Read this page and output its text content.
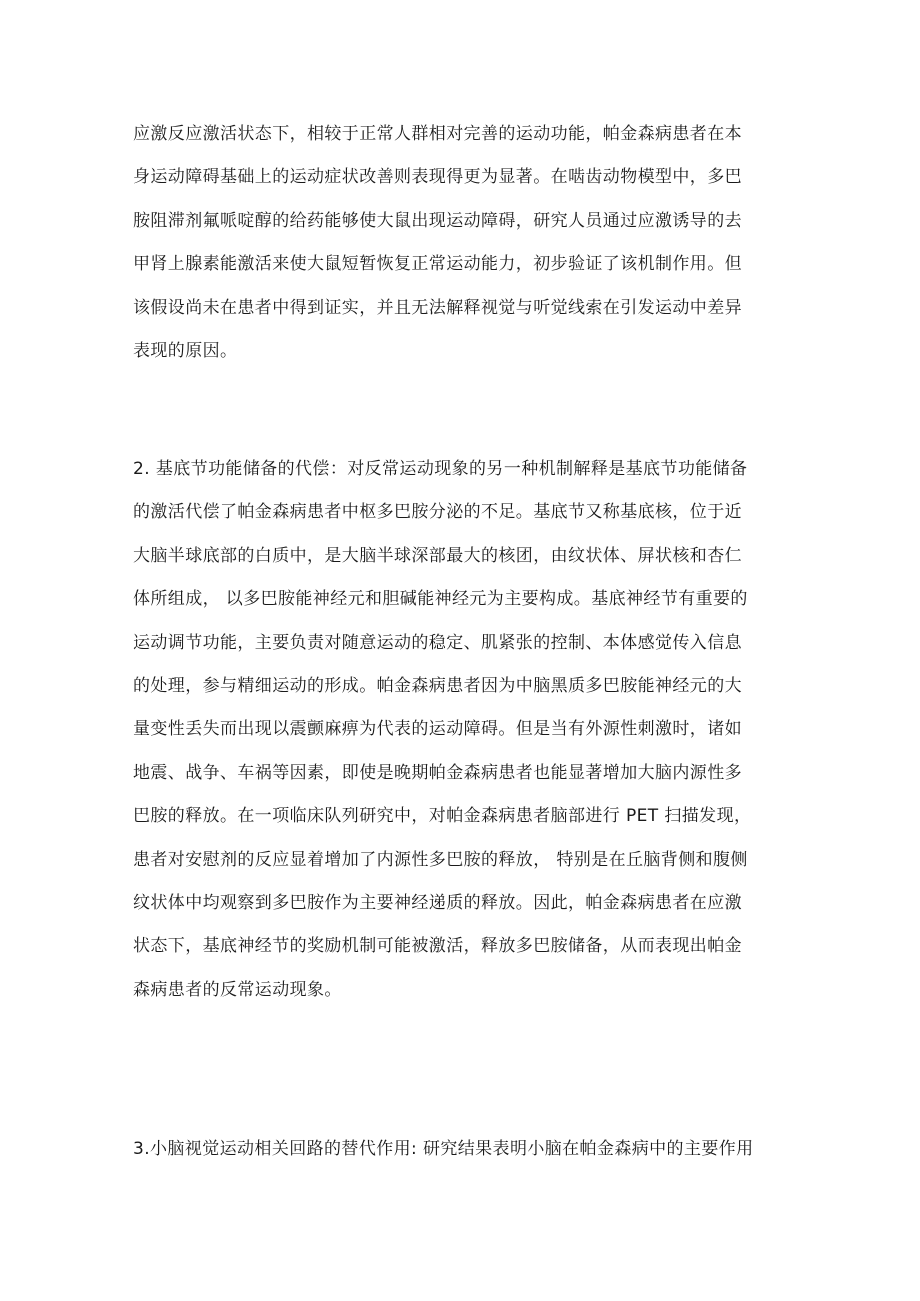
应激反应激活状态下，相较于正常人群相对完善的运动功能，帕金森病患者在本
身运动障碍基础上的运动症状改善则表现得更为显著。在啮齿动物模型中，多巴
胺阻滞剂氟哌啶醇的给药能够使大鼠出现运动障碍，研究人员通过应激诱导的去
甲肾上腺素能激活来使大鼠短暂恢复正常运动能力，初步验证了该机制作用。但
该假设尚未在患者中得到证实，并且无法解释视觉与听觉线索在引发运动中差异
表现的原因。

2. 基底节功能储备的代偿：对反常运动现象的另一种机制解释是基底节功能储备
的激活代偿了帕金森病患者中枢多巴胺分泌的不足。基底节又称基底核，位于近
大脑半球底部的白质中，是大脑半球深部最大的核团，由纹状体、屏状核和杏仁
体所组成， 以多巴胺能神经元和胆碱能神经元为主要构成。基底神经节有重要的
运动调节功能，主要负责对随意运动的稳定、肌紧张的控制、本体感觉传入信息
的处理，参与精细运动的形成。帕金森病患者因为中脑黑质多巴胺能神经元的大
量变性丢失而出现以震颤麻痹为代表的运动障碍。但是当有外源性刺激时，诸如
地震、战争、车祸等因素，即使是晚期帕金森病患者也能显著增加大脑内源性多
巴胺的释放。在一项临床队列研究中，对帕金森病患者脑部进行 PET 扫描发现，
患者对安慰剂的反应显着增加了内源性多巴胺的释放， 特别是在丘脑背侧和腹侧
纹状体中均观察到多巴胺作为主要神经递质的释放。因此，帕金森病患者在应激
状态下，基底神经节的奖励机制可能被激活，释放多巴胺储备，从而表现出帕金
森病患者的反常运动现象。

3.小脑视觉运动相关回路的替代作用: 研究结果表明小脑在帕金森病中的主要作用
